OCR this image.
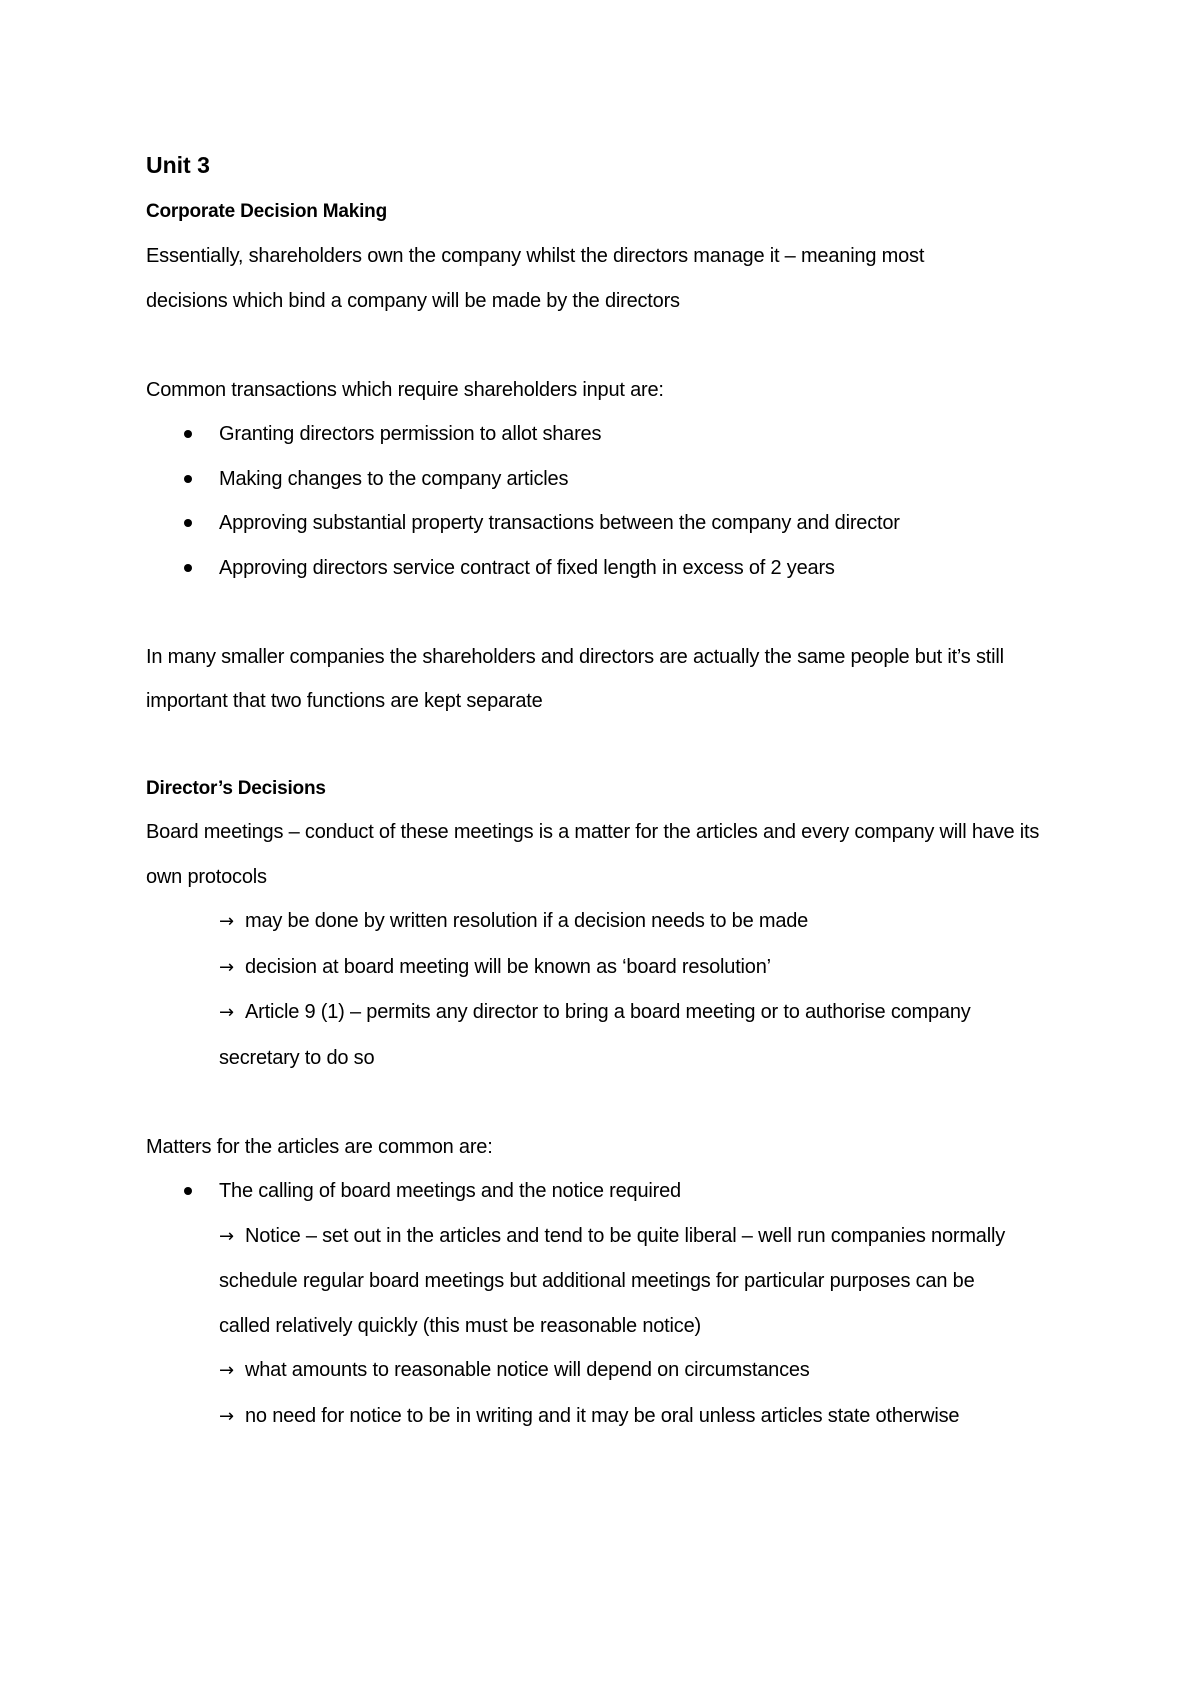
Unit 3
Corporate Decision Making

Essentially, shareholders own the company whilst the directors manage it – meaning most decisions which bind a company will be made by the directors

Common transactions which require shareholders input are:

Granting directors permission to allot shares
Making changes to the company articles
Approving substantial property transactions between the company and director
Approving directors service contract of fixed length in excess of 2 years

In many smaller companies the shareholders and directors are actually the same people but it’s still important that two functions are kept separate

Director’s Decisions

Board meetings – conduct of these meetings is a matter for the articles and every company will have its own protocols

→ may be done by written resolution if a decision needs to be made
→ decision at board meeting will be known as ‘board resolution’
→ Article 9 (1) – permits any director to bring a board meeting or to authorise company secretary to do so

Matters for the articles are common are:

The calling of board meetings and the notice required
→ Notice – set out in the articles and tend to be quite liberal – well run companies normally schedule regular board meetings but additional meetings for particular purposes can be called relatively quickly (this must be reasonable notice)
→ what amounts to reasonable notice will depend on circumstances
→ no need for notice to be in writing and it may be oral unless articles state otherwise
